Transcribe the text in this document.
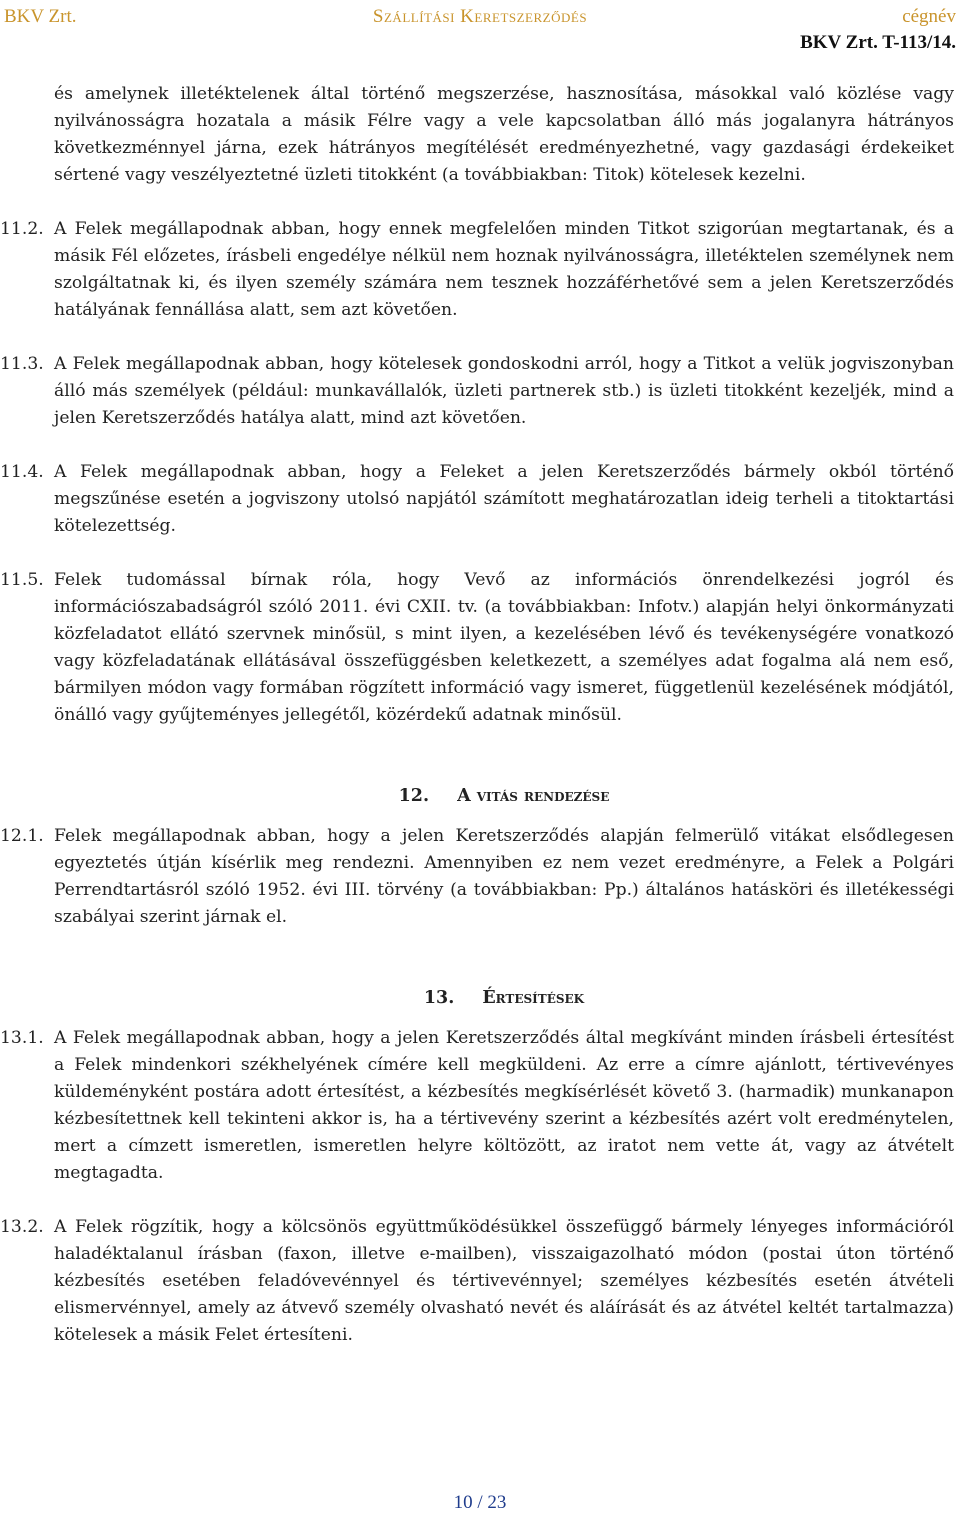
BKV Zrt.	Szállítási Keretszerződés	cégnév
BKV Zrt. T-113/14.

és amelynek illetéktelenek által történő megszerzése, hasznosítása, másokkal való közlése vagy nyilvánosságra hozatala a másik Félre vagy a vele kapcsolatban álló más jogalanyra hátrányos következménnyel járna, ezek hátrányos megítélését eredményezhetné, vagy gazdasági érdekeiket sértené vagy veszélyeztetné üzleti titokként (a továbbiakban: Titok) kötelesek kezelni.

11.2. A Felek megállapodnak abban, hogy ennek megfelelően minden Titkot szigorúan megtartanak, és a másik Fél előzetes, írásbeli engedélye nélkül nem hoznak nyilvánosságra, illetéktelen személynek nem szolgáltatnak ki, és ilyen személy számára nem tesznek hozzáférhetővé sem a jelen Keretszerződés hatályának fennállása alatt, sem azt követően.
11.3. A Felek megállapodnak abban, hogy kötelesek gondoskodni arról, hogy a Titkot a velük jogviszonyban álló más személyek (például: munkavállalók, üzleti partnerek stb.) is üzleti titokként kezeljék, mind a jelen Keretszerződés hatálya alatt, mind azt követően.
11.4. A Felek megállapodnak abban, hogy a Feleket a jelen Keretszerződés bármely okból történő megszűnése esetén a jogviszony utolsó napjától számított meghatározatlan ideig terheli a titoktartási kötelezettség.
11.5. Felek tudomással bírnak róla, hogy Vevő az információs önrendelkezési jogról és információszabadságról szóló 2011. évi CXII. tv. (a továbbiakban: Infotv.) alapján helyi önkormányzati közfeladatot ellátó szervnek minősül, s mint ilyen, a kezelésében lévő és tevékenységére vonatkozó vagy közfeladatának ellátásával összefüggésben keletkezett, a személyes adat fogalma alá nem eső, bármilyen módon vagy formában rögzített információ vagy ismeret, függetlenül kezelésének módjától, önálló vagy gyűjteményes jellegétől, közérdekű adatnak minősül.

12. A vitás rendezése

12.1. Felek megállapodnak abban, hogy a jelen Keretszerződés alapján felmerülő vitákat elsődlegesen egyeztetés útján kísérlik meg rendezni. Amennyiben ez nem vezet eredményre, a Felek a Polgári Perrendtartásról szóló 1952. évi III. törvény (a továbbiakban: Pp.) általános hatásköri és illetékességi szabályai szerint járnak el.

13. Értesítések

13.1. A Felek megállapodnak abban, hogy a jelen Keretszerződés által megkívánt minden írásbeli értesítést a Felek mindenkori székhelyének címére kell megküldeni. Az erre a címre ajánlott, tértivevényes küldeményként postára adott értesítést, a kézbesítés megkísérlését követő 3. (harmadik) munkanapon kézbesítettnek kell tekinteni akkor is, ha a tértivevény szerint a kézbesítés azért volt eredménytelen, mert a címzett ismeretlen, ismeretlen helyre költözött, az iratot nem vette át, vagy az átvételt megtagadta.
13.2. A Felek rögzítik, hogy a kölcsönös együttműködésükkel összefüggő bármely lényeges információról haladéktalanul írásban (faxon, illetve e-mailben), visszaigazolható módon (postai úton történő kézbesítés esetében feladóvevénnyel és tértivevénnyel; személyes kézbesítés esetén átvételi elismervénnyel, amely az átvevő személy olvasható nevét és aláírását és az átvétel keltét tartalmazza) kötelesek a másik Felet értesíteni.
10 / 23
